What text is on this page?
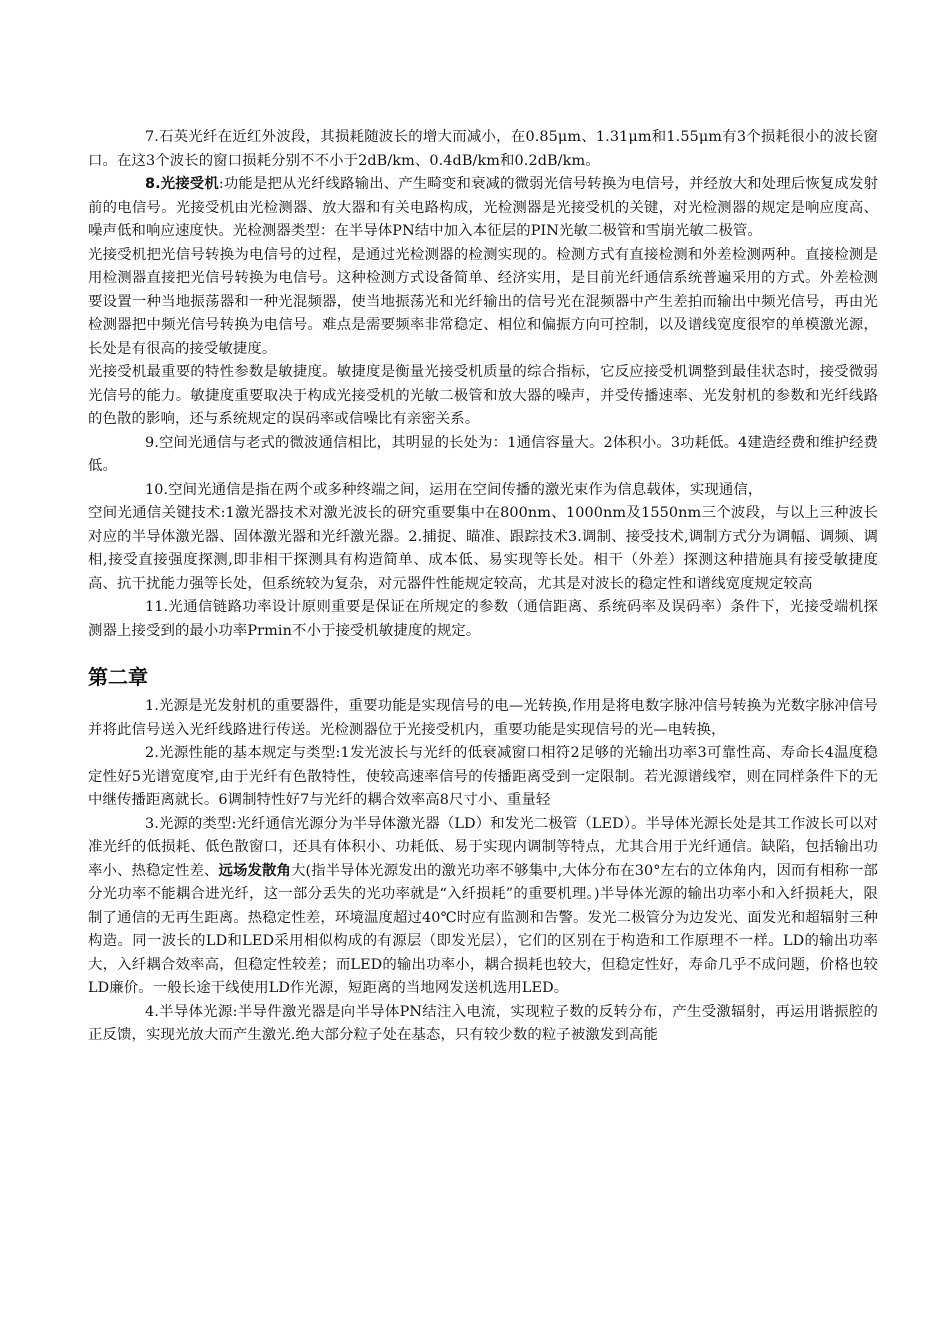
7.石英光纤在近红外波段，其损耗随波长的增大而减小，在0.85μm、1.31μm和1.55μm有3个损耗很小的波长窗口。在这3个波长的窗口损耗分别不不小于2dB/km、0.4dB/km和0.2dB/km。

8.光接受机:功能是把从光纤线路输出、产生畸变和衰减的微弱光信号转换为电信号，并经放大和处理后恢复成发射前的电信号。光接受机由光检测器、放大器和有关电路构成，光检测器是光接受机的关键，对光检测器的规定是响应度高、噪声低和响应速度快。光检测器类型：在半导体PN结中加入本征层的PIN光敏二极管和雪崩光敏二极管。

光接受机把光信号转换为电信号的过程，是通过光检测器的检测实现的。检测方式有直接检测和外差检测两种。直接检测是用检测器直接把光信号转换为电信号。这种检测方式设备简单、经济实用，是目前光纤通信系统普遍采用的方式。外差检测要设置一种当地振荡器和一种光混频器，使当地振荡光和光纤输出的信号光在混频器中产生差拍而输出中频光信号，再由光检测器把中频光信号转换为电信号。难点是需要频率非常稳定、相位和偏振方向可控制，以及谱线宽度很窄的单模激光源，长处是有很高的接受敏捷度。

光接受机最重要的特性参数是敏捷度。敏捷度是衡量光接受机质量的综合指标，它反应接受机调整到最佳状态时，接受微弱光信号的能力。敏捷度重要取决于构成光接受机的光敏二极管和放大器的噪声，并受传播速率、光发射机的参数和光纤线路的色散的影响，还与系统规定的误码率或信噪比有亲密关系。

9.空间光通信与老式的微波通信相比，其明显的长处为：1通信容量大。2体积小。3功耗低。4建造经费和维护经费低。

10.空间光通信是指在两个或多种终端之间，运用在空间传播的激光束作为信息载体，实现通信，

空间光通信关键技术:1激光器技术对激光波长的研究重要集中在800nm、1000nm及1550nm三个波段，与以上三种波长对应的半导体激光器、固体激光器和光纤激光器。2.捕捉、瞄准、跟踪技术3.调制、接受技术,调制方式分为调幅、调频、调相,接受直接强度探测,即非相干探测具有构造简单、成本低、易实现等长处。相干（外差）探测这种措施具有接受敏捷度高、抗干扰能力强等长处，但系统较为复杂，对元器件性能规定较高，尤其是对波长的稳定性和谱线宽度规定较高

11.光通信链路功率设计原则重要是保证在所规定的参数（通信距离、系统码率及误码率）条件下，光接受端机探测器上接受到的最小功率Prmin不小于接受机敏捷度的规定。

第二章

1.光源是光发射机的重要器件，重要功能是实现信号的电—光转换,作用是将电数字脉冲信号转换为光数字脉冲信号并将此信号送入光纤线路进行传送。光检测器位于光接受机内，重要功能是实现信号的光—电转换，

2.光源性能的基本规定与类型:1发光波长与光纤的低衰减窗口相符2足够的光输出功率3可靠性高、寿命长4温度稳定性好5光谱宽度窄,由于光纤有色散特性，使较高速率信号的传播距离受到一定限制。若光源谱线窄，则在同样条件下的无中继传播距离就长。6调制特性好7与光纤的耦合效率高8尺寸小、重量轻

3.光源的类型:光纤通信光源分为半导体激光器（LD）和发光二极管（LED）。半导体光源长处是其工作波长可以对准光纤的低损耗、低色散窗口，还具有体积小、功耗低、易于实现内调制等特点，尤其合用于光纤通信。缺陷，包括输出功率小、热稳定性差、远场发散角大(指半导体光源发出的激光功率不够集中,大体分布在30°左右的立体角内，因而有相称一部分光功率不能耦合进光纤，这一部分丢失的光功率就是“入纤损耗”的重要机理。)半导体光源的输出功率小和入纤损耗大，限制了通信的无再生距离。热稳定性差，环境温度超过40℃时应有监测和告警。发光二极管分为边发光、面发光和超辐射三种构造。同一波长的LD和LED采用相似构成的有源层（即发光层），它们的区别在于构造和工作原理不一样。LD的输出功率大，入纤耦合效率高，但稳定性较差；而LED的输出功率小，耦合损耗也较大，但稳定性好，寿命几乎不成问题，价格也较LD廉价。一般长途干线使用LD作光源，短距离的当地网发送机选用LED。

4.半导体光源:半导件激光器是向半导体PN结注入电流，实现粒子数的反转分布，产生受激辐射，再运用谐振腔的正反馈，实现光放大而产生激光.绝大部分粒子处在基态，只有较少数的粒子被激发到高能
